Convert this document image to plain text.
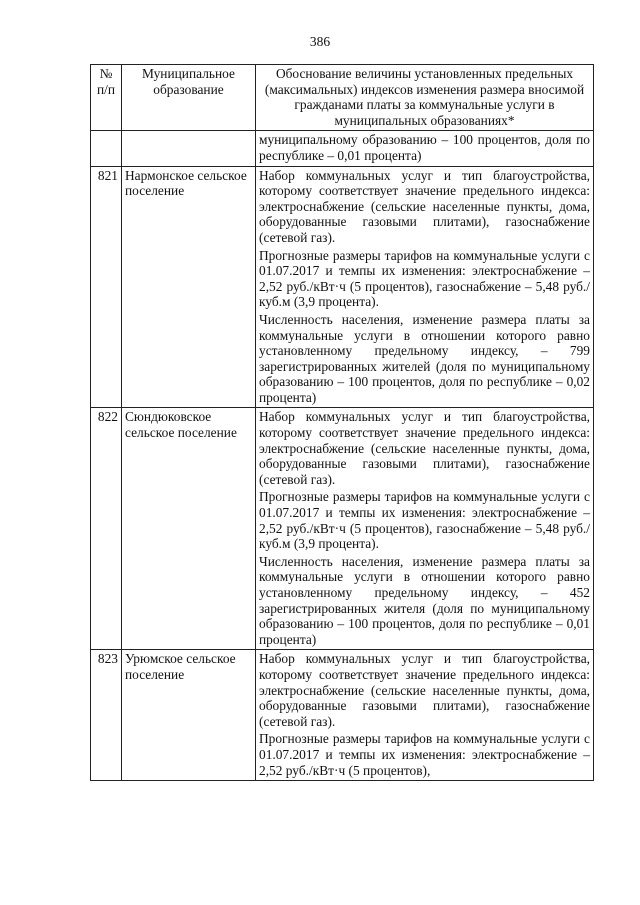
386
№ п/п	Муниципальное образование	Обоснование величины установленных предельных (максимальных) индексов изменения размера вносимой гражданами платы за коммунальные услуги в муниципальных образованиях*

		муниципальному образованию – 100 процентов, доля по республике – 0,01 процента)

821	Нармонское сельское поселение	Набор коммунальных услуг и тип благоустройства, которому соответствует значение предельного индекса: электроснабжение (сельские населенные пункты, дома, оборудованные газовыми плитами), газоснабжение (сетевой газ).

Прогнозные размеры тарифов на коммунальные услуги с 01.07.2017 и темпы их изменения: электроснабжение – 2,52 руб./кВт·ч (5 процентов), газоснабжение – 5,48 руб./куб.м (3,9 процента).

Численность населения, изменение размера платы за коммунальные услуги в отношении которого равно установленному предельному индексу, – 799 зарегистрированных жителей (доля по муниципальному образованию – 100 процентов, доля по республике – 0,02 процента)

822	Сюндюковское сельское поселение	Набор коммунальных услуг и тип благоустройства, которому соответствует значение предельного индекса: электроснабжение (сельские населенные пункты, дома, оборудованные газовыми плитами), газоснабжение (сетевой газ).

Прогнозные размеры тарифов на коммунальные услуги с 01.07.2017 и темпы их изменения: электроснабжение – 2,52 руб./кВт·ч (5 процентов), газоснабжение – 5,48 руб./куб.м (3,9 процента).

Численность населения, изменение размера платы за коммунальные услуги в отношении которого равно установленному предельному индексу, – 452 зарегистрированных жителя (доля по муниципальному образованию – 100 процентов, доля по республике – 0,01 процента)

823	Урюмское сельское поселение	Набор коммунальных услуг и тип благоустройства, которому соответствует значение предельного индекса: электроснабжение (сельские населенные пункты, дома, оборудованные газовыми плитами), газоснабжение (сетевой газ).

Прогнозные размеры тарифов на коммунальные услуги с 01.07.2017 и темпы их изменения: электроснабжение – 2,52 руб./кВт·ч (5 процентов),
